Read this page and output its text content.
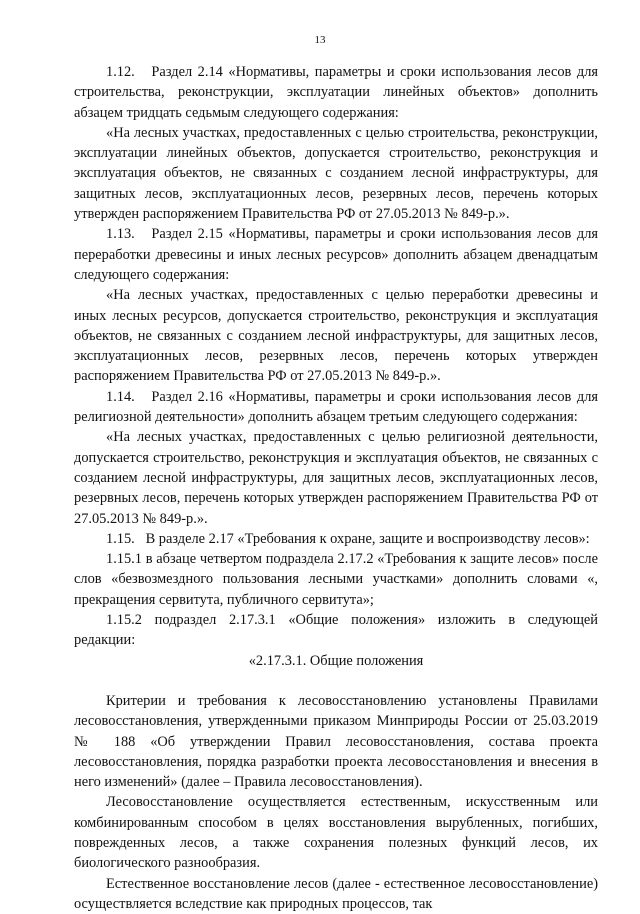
13

1.12.   Раздел 2.14 «Нормативы, параметры и сроки использования лесов для строительства, реконструкции, эксплуатации линейных объектов» дополнить абзацем тридцать седьмым следующего содержания:

«На лесных участках, предоставленных с целью строительства, реконструкции, эксплуатации линейных объектов, допускается строительство, реконструкция и эксплуатация объектов, не связанных с созданием лесной инфраструктуры, для защитных лесов, эксплуатационных лесов, резервных лесов, перечень которых утвержден распоряжением Правительства РФ от 27.05.2013 № 849-р.».

1.13.   Раздел 2.15 «Нормативы, параметры и сроки использования лесов для переработки древесины и иных лесных ресурсов» дополнить абзацем двенадцатым следующего содержания:

«На лесных участках, предоставленных с целью переработки древесины и иных лесных ресурсов, допускается строительство, реконструкция и эксплуатация объектов, не связанных с созданием лесной инфраструктуры, для защитных лесов, эксплуатационных лесов, резервных лесов, перечень которых утвержден распоряжением Правительства РФ от 27.05.2013 № 849-р.».

1.14.   Раздел 2.16 «Нормативы, параметры и сроки использования лесов для религиозной деятельности» дополнить абзацем третьим следующего содержания:

«На лесных участках, предоставленных с целью религиозной деятельности, допускается строительство, реконструкция и эксплуатация объектов, не связанных с созданием лесной инфраструктуры, для защитных лесов, эксплуатационных лесов, резервных лесов, перечень которых утвержден распоряжением Правительства РФ от 27.05.2013 № 849-р.».

1.15.   В разделе 2.17 «Требования к охране, защите и воспроизводству лесов»:

1.15.1 в абзаце четвертом подраздела 2.17.2 «Требования к защите лесов» после слов «безвозмездного пользования лесными участками» дополнить словами «, прекращения сервитута, публичного сервитута»;

1.15.2 подраздел 2.17.3.1 «Общие положения» изложить в следующей редакции:

«2.17.3.1. Общие положения

Критерии и требования к лесовосстановлению установлены Правилами лесовосстановления, утвержденными приказом Минприроды России от 25.03.2019 № 188 «Об утверждении Правил лесовосстановления, состава проекта лесовосстановления, порядка разработки проекта лесовосстановления и внесения в него изменений» (далее – Правила лесовосстановления).

Лесовосстановление осуществляется естественным, искусственным или комбинированным способом в целях восстановления вырубленных, погибших, поврежденных лесов, а также сохранения полезных функций лесов, их биологического разнообразия.

Естественное восстановление лесов (далее - естественное лесовосстановление) осуществляется вследствие как природных процессов, так
